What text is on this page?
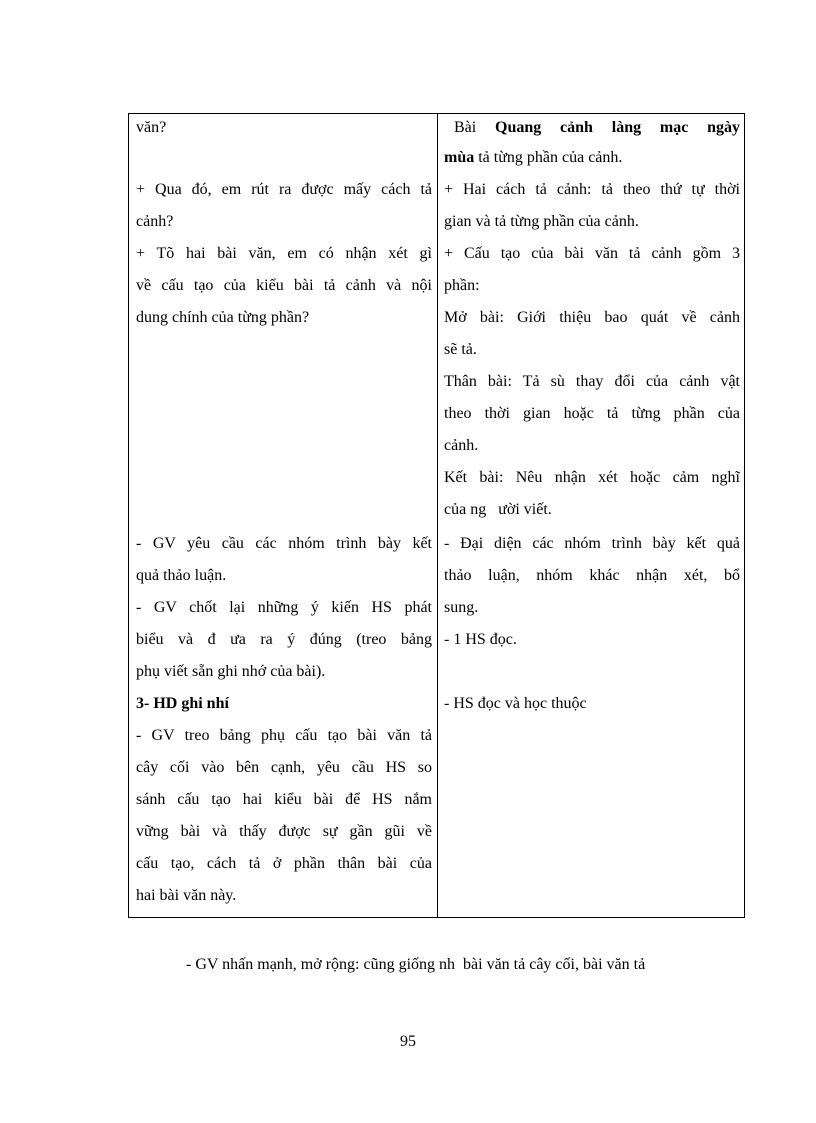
văn?
+ Qua đó, em rút ra được mấy cách tả
cảnh?
+ Tõ hai bài văn, em có nhận xét gì
về cấu tạo của kiểu bài tả cảnh và nội
dung chính của từng phần?
- GV yêu cầu các nhóm trình bày kết
quả thảo luận.
- GV chốt lại những ý kiến HS phát
biểu và đ ưa ra ý đúng (treo bảng
phụ viết sẵn ghi nhớ của bài).
3- HD ghi nhí
- GV treo bảng phụ cấu tạo bài văn tả
cây cối vào bên cạnh, yêu cầu HS so
sánh cấu tạo hai kiểu bài để HS nắm
vững bài và thấy được sự gần gũi về
cấu tạo, cách tả ở phần thân bài của
hai bài văn này.
Bài Quang cảnh làng mạc ngày
mùa tả từng phần của cảnh.
+ Hai cách tả cảnh: tả theo thứ tự thời
gian và tả từng phần của cảnh.
+ Cấu tạo của bài văn tả cảnh gồm 3
phần:
Mở bài: Giới thiệu bao quát về cảnh
sẽ tả.
Thân bài: Tả sù thay đổi của cảnh vật
theo thời gian hoặc tả từng phần của
cảnh.
Kết bài: Nêu nhận xét hoặc cảm nghĩ
của ng   ười viết.
- Đại diện các nhóm trình bày kết quả
thảo luận, nhóm khác nhận xét, bổ
sung.
- 1 HS đọc.
- HS đọc và học thuộc
- GV nhấn mạnh, mở rộng: cũng giống nh  bài văn tả cây cối, bài văn tả
95
